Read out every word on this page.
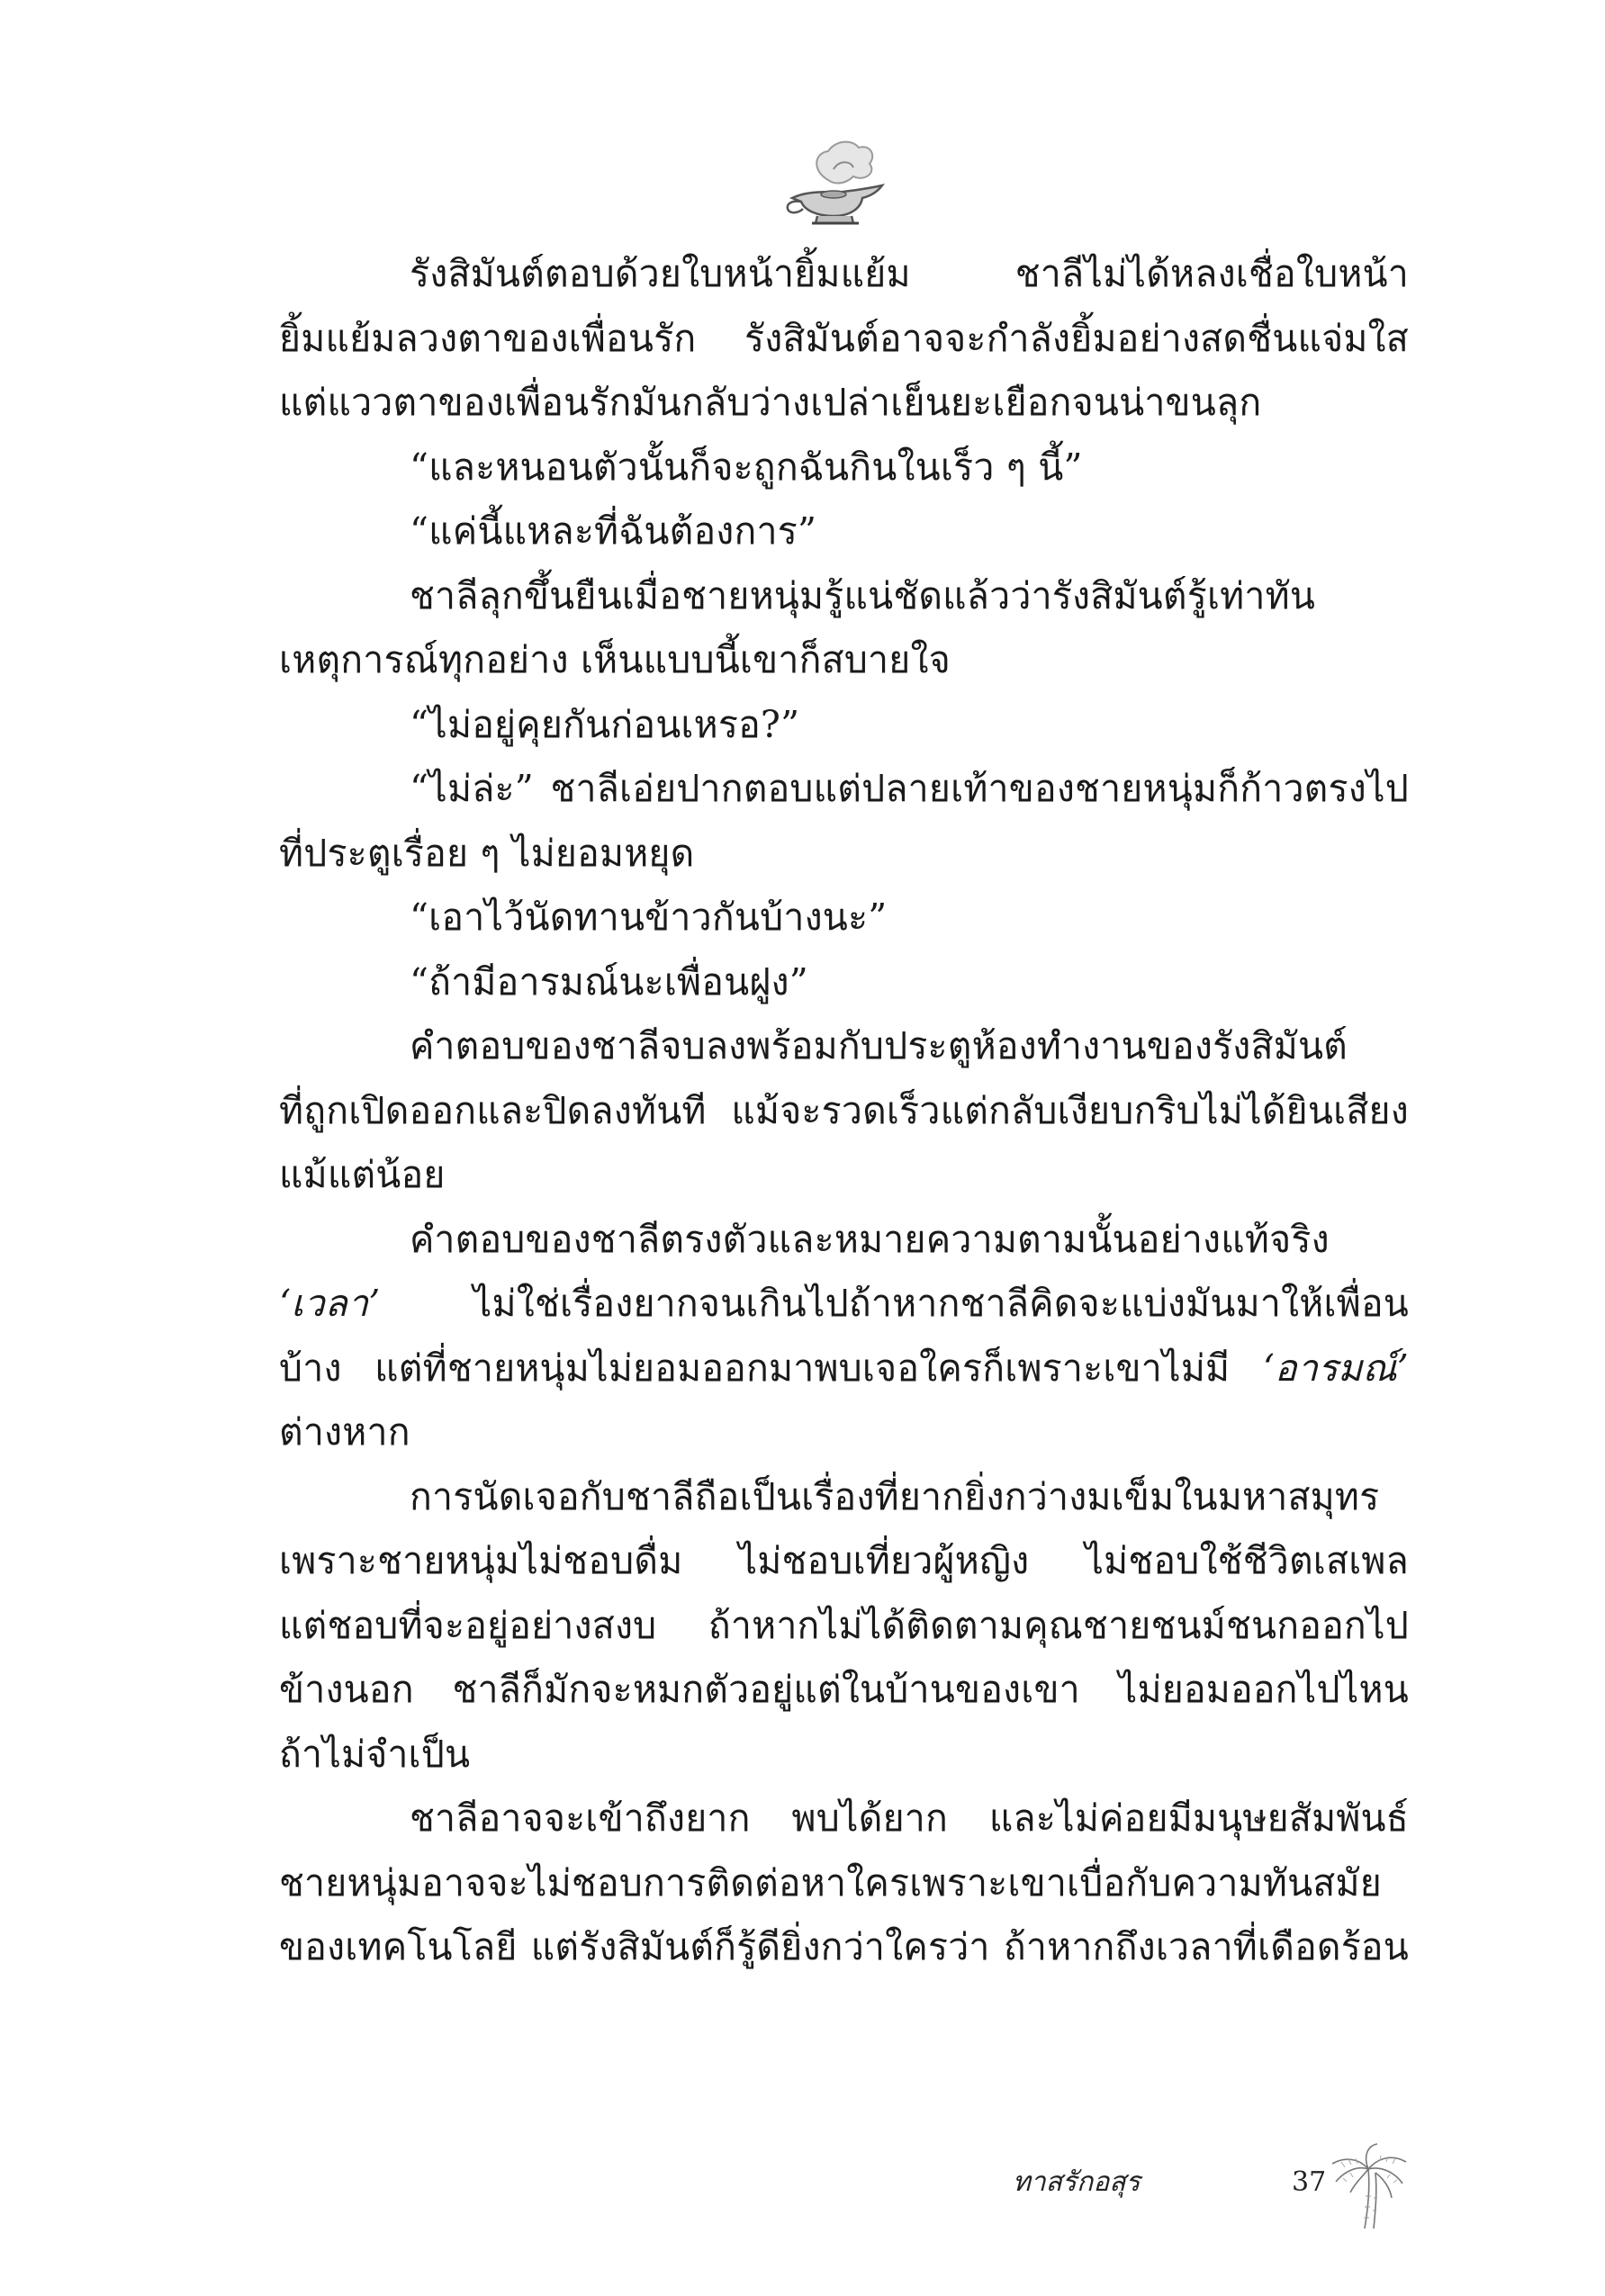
รังสิมันต์ตอบด้วยใบหน้ายิ้มแย้ม ชาลีไม่ได้หลงเชื่อใบหน้า
ยิ้มแย้มลวงตาของเพื่อนรัก รังสิมันต์อาจจะกำลังยิ้มอย่างสดชื่นแจ่มใส
แต่แววตาของเพื่อนรักมันกลับว่างเปล่าเย็นยะเยือกจนน่าขนลุก
“และหนอนตัวนั้นก็จะถูกฉันกินในเร็ว ๆ นี้”
“แค่นี้แหละที่ฉันต้องการ”
ชาลีลุกขึ้นยืนเมื่อชายหนุ่มรู้แน่ชัดแล้วว่ารังสิมันต์รู้เท่าทัน
เหตุการณ์ทุกอย่าง เห็นแบบนี้เขาก็สบายใจ
“ไม่อยู่คุยกันก่อนเหรอ?”
“ไม่ล่ะ” ชาลีเอ่ยปากตอบแต่ปลายเท้าของชายหนุ่มก็ก้าวตรงไป
ที่ประตูเรื่อย ๆ ไม่ยอมหยุด
“เอาไว้นัดทานข้าวกันบ้างนะ”
“ถ้ามีอารมณ์นะเพื่อนฝูง”
คำตอบของชาลีจบลงพร้อมกับประตูห้องทำงานของรังสิมันต์
ที่ถูกเปิดออกและปิดลงทันที แม้จะรวดเร็วแต่กลับเงียบกริบไม่ได้ยินเสียง
แม้แต่น้อย
คำตอบของชาลีตรงตัวและหมายความตามนั้นอย่างแท้จริง
‘เวลา’ ไม่ใช่เรื่องยากจนเกินไปถ้าหากชาลีคิดจะแบ่งมันมาให้เพื่อน
บ้าง แต่ที่ชายหนุ่มไม่ยอมออกมาพบเจอใครก็เพราะเขาไม่มี ‘อารมณ์’
ต่างหาก
การนัดเจอกับชาลีถือเป็นเรื่องที่ยากยิ่งกว่างมเข็มในมหาสมุทร
เพราะชายหนุ่มไม่ชอบดื่ม ไม่ชอบเที่ยวผู้หญิง ไม่ชอบใช้ชีวิตเสเพล
แต่ชอบที่จะอยู่อย่างสงบ ถ้าหากไม่ได้ติดตามคุณชายชนม์ชนกออกไป
ข้างนอก ชาลีก็มักจะหมกตัวอยู่แต่ในบ้านของเขา ไม่ยอมออกไปไหน
ถ้าไม่จำเป็น
ชาลีอาจจะเข้าถึงยาก พบได้ยาก และไม่ค่อยมีมนุษยสัมพันธ์
ชายหนุ่มอาจจะไม่ชอบการติดต่อหาใครเพราะเขาเบื่อกับความทันสมัย
ของเทคโนโลยี แต่รังสิมันต์ก็รู้ดียิ่งกว่าใครว่า ถ้าหากถึงเวลาที่เดือดร้อน
ทาสรักอสุร	37
